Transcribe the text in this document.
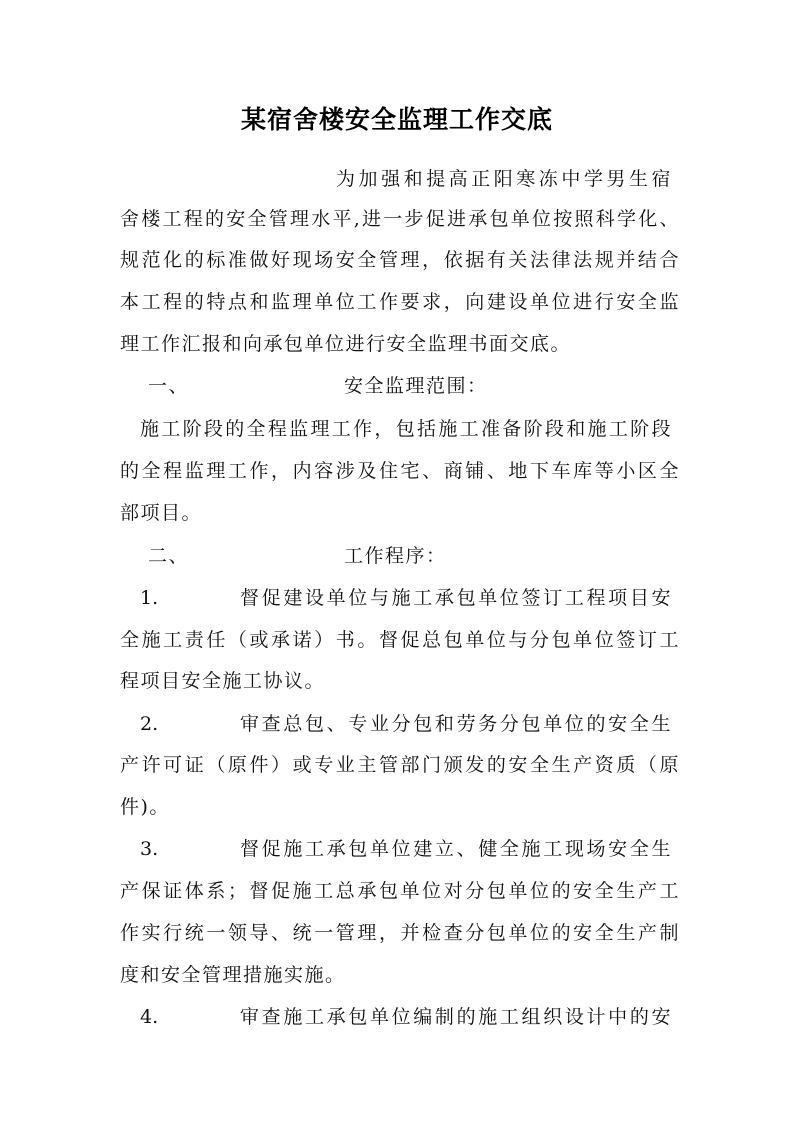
某宿舍楼安全监理工作交底
为加强和提高正阳寒冻中学男生宿
舍楼工程的安全管理水平,进一步促进承包单位按照科学化、
规范化的标准做好现场安全管理，依据有关法律法规并结合
本工程的特点和监理单位工作要求，向建设单位进行安全监
理工作汇报和向承包单位进行安全监理书面交底。
一、	安全监理范围：
施工阶段的全程监理工作，包括施工准备阶段和施工阶段
的全程监理工作，内容涉及住宅、商铺、地下车库等小区全
部项目。
二、	工作程序：
1.	督促建设单位与施工承包单位签订工程项目安
全施工责任（或承诺）书。督促总包单位与分包单位签订工
程项目安全施工协议。
2.	审查总包、专业分包和劳务分包单位的安全生
产许可证（原件）或专业主管部门颁发的安全生产资质（原
件)。
3.	督促施工承包单位建立、健全施工现场安全生
产保证体系；督促施工总承包单位对分包单位的安全生产工
作实行统一领导、统一管理，并检查分包单位的安全生产制
度和安全管理措施实施。
4.	审查施工承包单位编制的施工组织设计中的安
